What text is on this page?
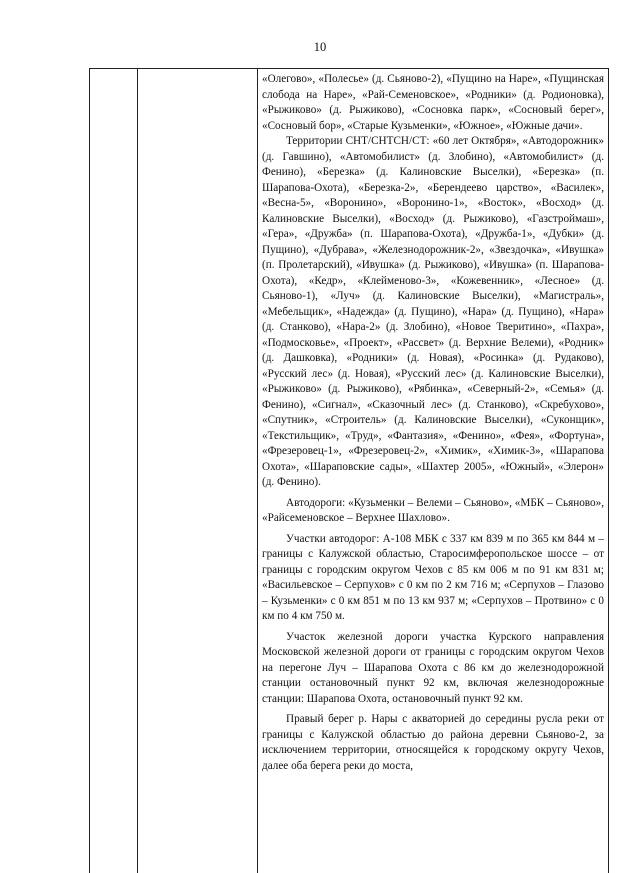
10

«Олегово», «Полесье» (д. Сьяново-2), «Пущино на Наре», «Пущинская слобода на Наре», «Рай-Семеновское», «Родники» (д. Родионовка), «Рыжиково» (д. Рыжиково), «Сосновка парк», «Сосновый берег», «Сосновый бор», «Старые Кузьменки», «Южное», «Южные дачи».

Территории СНТ/СНТСН/СТ: «60 лет Октября», «Автодорожник» (д. Гавшино), «Автомобилист» (д. Злобино), «Автомобилист» (д. Фенино), «Березка» (д. Калиновские Выселки), «Березка» (п. Шарапова-Охота), «Березка-2», «Берендеево царство», «Василек», «Весна-5», «Воронино», «Воронино-1», «Восток», «Восход» (д. Калиновские Выселки), «Восход» (д. Рыжиково), «Газстроймаш», «Гера», «Дружба» (п. Шарапова-Охота), «Дружба-1», «Дубки» (д. Пущино), «Дубрава», «Железнодорожник-2», «Звездочка», «Ивушка» (п. Пролетарский), «Ивушка» (д. Рыжиково), «Ивушка» (п. Шарапова-Охота), «Кедр», «Клейменово-3», «Кожевенник», «Лесное» (д. Сьяново-1), «Луч» (д. Калиновские Выселки), «Магистраль», «Мебельщик», «Надежда» (д. Пущино), «Нара» (д. Пущино), «Нара» (д. Станково), «Нара-2» (д. Злобино), «Новое Тверитино», «Пахра», «Подмосковье», «Проект», «Рассвет» (д. Верхние Велеми), «Родник» (д. Дашковка), «Родники» (д. Новая), «Росинка» (д. Рудаково), «Русский лес» (д. Новая), «Русский лес» (д. Калиновские Выселки), «Рыжиково» (д. Рыжиково), «Рябинка», «Северный-2», «Семья» (д. Фенино), «Сигнал», «Сказочный лес» (д. Станково), «Скребухово», «Спутник», «Строитель» (д. Калиновские Выселки), «Суконщик», «Текстильщик», «Труд», «Фантазия», «Фенино», «Фея», «Фортуна», «Фрезеровец-1», «Фрезеровец-2», «Химик», «Химик-3», «Шарапова Охота», «Шараповские сады», «Шахтер 2005», «Южный», «Элерон» (д. Фенино).

Автодороги: «Кузьменки – Велеми – Сьяново», «МБК – Сьяново», «Райсеменовское – Верхнее Шахлово».

Участки автодорог: А-108 МБК с 337 км 839 м по 365 км 844 м – границы с Калужской областью, Старосимферопольское шоссе – от границы с городским округом Чехов с 85 км 006 м по 91 км 831 м; «Васильевское – Серпухов» с 0 км по 2 км 716 м; «Серпухов – Глазово – Кузьменки» с 0 км 851 м по 13 км 937 м; «Серпухов – Протвино» с 0 км по 4 км 750 м.

Участок железной дороги участка Курского направления Московской железной дороги от границы с городским округом Чехов на перегоне Луч – Шарапова Охота с 86 км до железнодорожной станции остановочный пункт 92 км, включая железнодорожные станции: Шарапова Охота, остановочный пункт 92 км.

Правый берег р. Нары с акваторией до середины русла реки от границы с Калужской областью до района деревни Сьяново-2, за исключением территории, относящейся к городскому округу Чехов, далее оба берега реки до моста,
